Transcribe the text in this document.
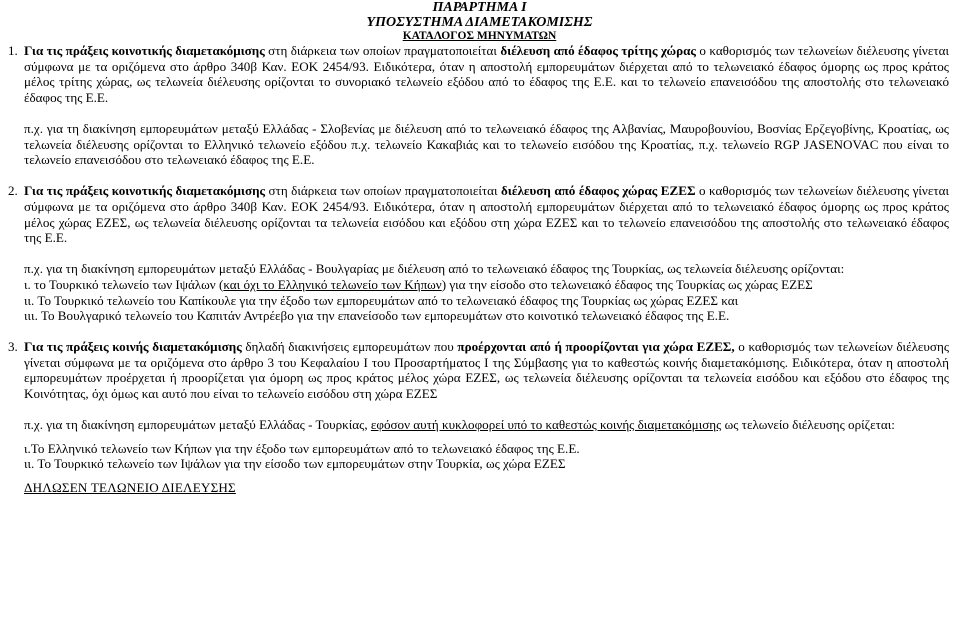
ΠΑΡΑΡΤΗΜΑ Ι
ΥΠΟΣΥΣΤΗΜΑ ΔΙΑΜΕΤΑΚΟΜΙΣΗΣ
ΚΑΤΑΛΟΓΟΣ ΜΗΝΥΜΑΤΩΝ
1. Για τις πράξεις κοινοτικής διαμετακόμισης στη διάρκεια των οποίων πραγματοποιείται διέλευση από έδαφος τρίτης χώρας ο καθορισμός των τελωνείων διέλευσης γίνεται σύμφωνα με τα οριζόμενα στο άρθρο 340β Καν. ΕΟΚ 2454/93. Ειδικότερα, όταν η αποστολή εμπορευμάτων διέρχεται από το τελωνειακό έδαφος όμορης ως προς κράτος μέλος τρίτης χώρας, ως τελωνεία διέλευσης ορίζονται το συνοριακό τελωνείο εξόδου από το έδαφος της Ε.Ε. και το τελωνείο επανεισόδου της αποστολής στο τελωνειακό έδαφος της Ε.Ε.

π.χ. για τη διακίνηση εμπορευμάτων μεταξύ Ελλάδας - Σλοβενίας με διέλευση από το τελωνειακό έδαφος της Αλβανίας, Μαυροβουνίου, Βοσνίας Ερζεγοβίνης, Κροατίας, ως τελωνεία διέλευσης ορίζονται το Ελληνικό τελωνείο εξόδου π.χ. τελωνείο Κακαβιάς και το τελωνείο εισόδου της Κροατίας, π.χ. τελωνείο RGP JASENOVAC που είναι το τελωνείο επανεισόδου στο τελωνειακό έδαφος της Ε.Ε.

2. Για τις πράξεις κοινοτικής διαμετακόμισης στη διάρκεια των οποίων πραγματοποιείται διέλευση από έδαφος χώρας ΕΖΕΣ ο καθορισμός των τελωνείων διέλευσης γίνεται σύμφωνα με τα οριζόμενα στο άρθρο 340β Καν. ΕΟΚ 2454/93. Ειδικότερα, όταν η αποστολή εμπορευμάτων διέρχεται από το τελωνειακό έδαφος όμορης ως προς κράτος μέλος χώρας ΕΖΕΣ, ως τελωνεία διέλευσης ορίζονται τα τελωνεία εισόδου και εξόδου στη χώρα ΕΖΕΣ και το τελωνείο επανεισόδου της αποστολής στο τελωνειακό έδαφος της Ε.Ε.

π.χ. για τη διακίνηση εμπορευμάτων μεταξύ Ελλάδας - Βουλγαρίας με διέλευση από το τελωνειακό έδαφος της Τουρκίας, ως τελωνεία διέλευσης ορίζονται:

ι. το Τουρκικό τελωνείο των Ιψάλων (και όχι το Ελληνικό τελωνείο των Κήπων) για την είσοδο στο τελωνειακό έδαφος της Τουρκίας ως χώρας ΕΖΕΣ

ιι. Το Τουρκικό τελωνείο του Καπίκουλε για την έξοδο των εμπορευμάτων από το τελωνειακό έδαφος της Τουρκίας ως χώρας ΕΖΕΣ και

ιιι. Το Βουλγαρικό τελωνείο του Καπιτάν Αντρέεβο για την επανείσοδο των εμπορευμάτων στο κοινοτικό τελωνειακό έδαφος της Ε.Ε.

3. Για τις πράξεις κοινής διαμετακόμισης δηλαδή διακινήσεις εμπορευμάτων που προέρχονται από ή προορίζονται για χώρα ΕΖΕΣ, ο καθορισμός των τελωνείων διέλευσης γίνεται σύμφωνα με τα οριζόμενα στο άρθρο 3 του Κεφαλαίου Ι του Προσαρτήματος Ι της Σύμβασης για το καθεστώς κοινής διαμετακόμισης. Ειδικότερα, όταν η αποστολή εμπορευμάτων προέρχεται ή προορίζεται για όμορη ως προς κράτος μέλος χώρα ΕΖΕΣ, ως τελωνεία διέλευσης ορίζονται τα τελωνεία εισόδου και εξόδου στο έδαφος της Κοινότητας, όχι όμως και αυτό που είναι το τελωνείο εισόδου στη χώρα ΕΖΕΣ

π.χ. για τη διακίνηση εμπορευμάτων μεταξύ Ελλάδας - Τουρκίας, εφόσον αυτή κυκλοφορεί υπό το καθεστώς κοινής διαμετακόμισης ως τελωνείο διέλευσης ορίζεται:

ι.Το Ελληνικό τελωνείο των Κήπων για την έξοδο των εμπορευμάτων από το τελωνειακό έδαφος της Ε.Ε.

ιι. Το Τουρκικό τελωνείο των Ιψάλων για την είσοδο των εμπορευμάτων στην Τουρκία, ως χώρα ΕΖΕΣ

ΔΗΛΩΣΕΝ ΤΕΛΩΝΕΙΟ ΔΙΕΛΕΥΣΗΣ
